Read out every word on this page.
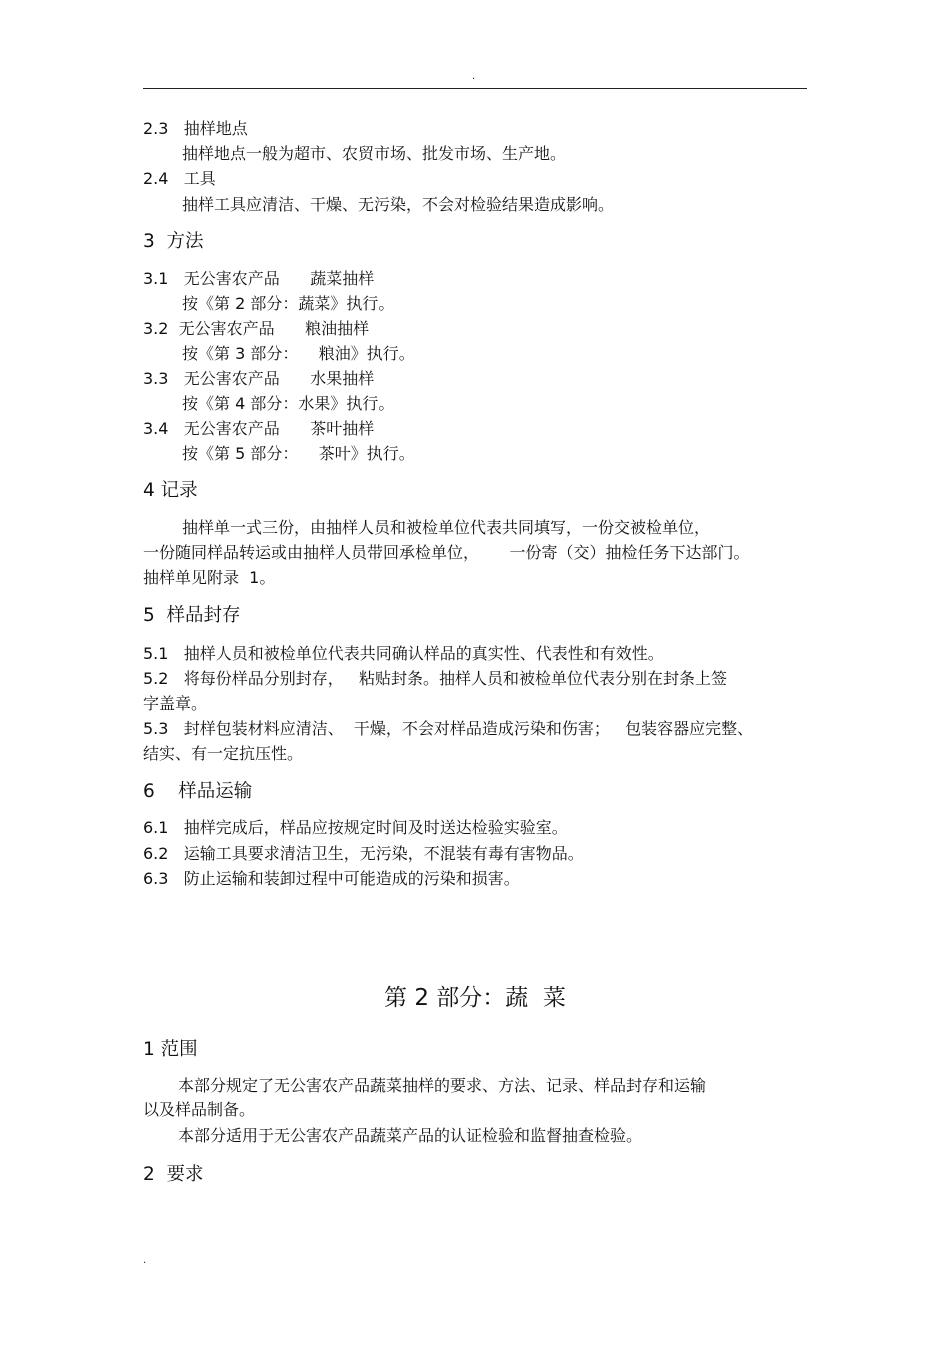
.
2.3   抽样地点
抽样地点一般为超市、农贸市场、批发市场、生产地。
2.4   工具
抽样工具应清洁、干燥、无污染，不会对检验结果造成影响。
3  方法
3.1   无公害农产品      蔬菜抽样
按《第 2 部分：蔬菜》执行。
3.2  无公害农产品      粮油抽样
按《第 3 部分：    粮油》执行。
3.3   无公害农产品      水果抽样
按《第 4 部分：水果》执行。
3.4   无公害农产品      茶叶抽样
按《第 5 部分：    茶叶》执行。
4 记录
抽样单一式三份，由抽样人员和被检单位代表共同填写，一份交被检单位，
一份随同样品转运或由抽样人员带回承检单位，      一份寄（交）抽检任务下达部门。
抽样单见附录  1。
5  样品封存
5.1   抽样人员和被检单位代表共同确认样品的真实性、代表性和有效性。
5.2   将每份样品分别封存，   粘贴封条。抽样人员和被检单位代表分别在封条上签
字盖章。
5.3   封样包装材料应清洁、  干燥，不会对样品造成污染和伤害；   包装容器应完整、
结实、有一定抗压性。
6    样品运输
6.1   抽样完成后，样品应按规定时间及时送达检验实验室。
6.2   运输工具要求清洁卫生，无污染，不混装有毒有害物品。
6.3   防止运输和装卸过程中可能造成的污染和损害。
第 2 部分：蔬  菜
1 范围
本部分规定了无公害农产品蔬菜抽样的要求、方法、记录、样品封存和运输
以及样品制备。
本部分适用于无公害农产品蔬菜产品的认证检验和监督抽查检验。
2  要求
.
